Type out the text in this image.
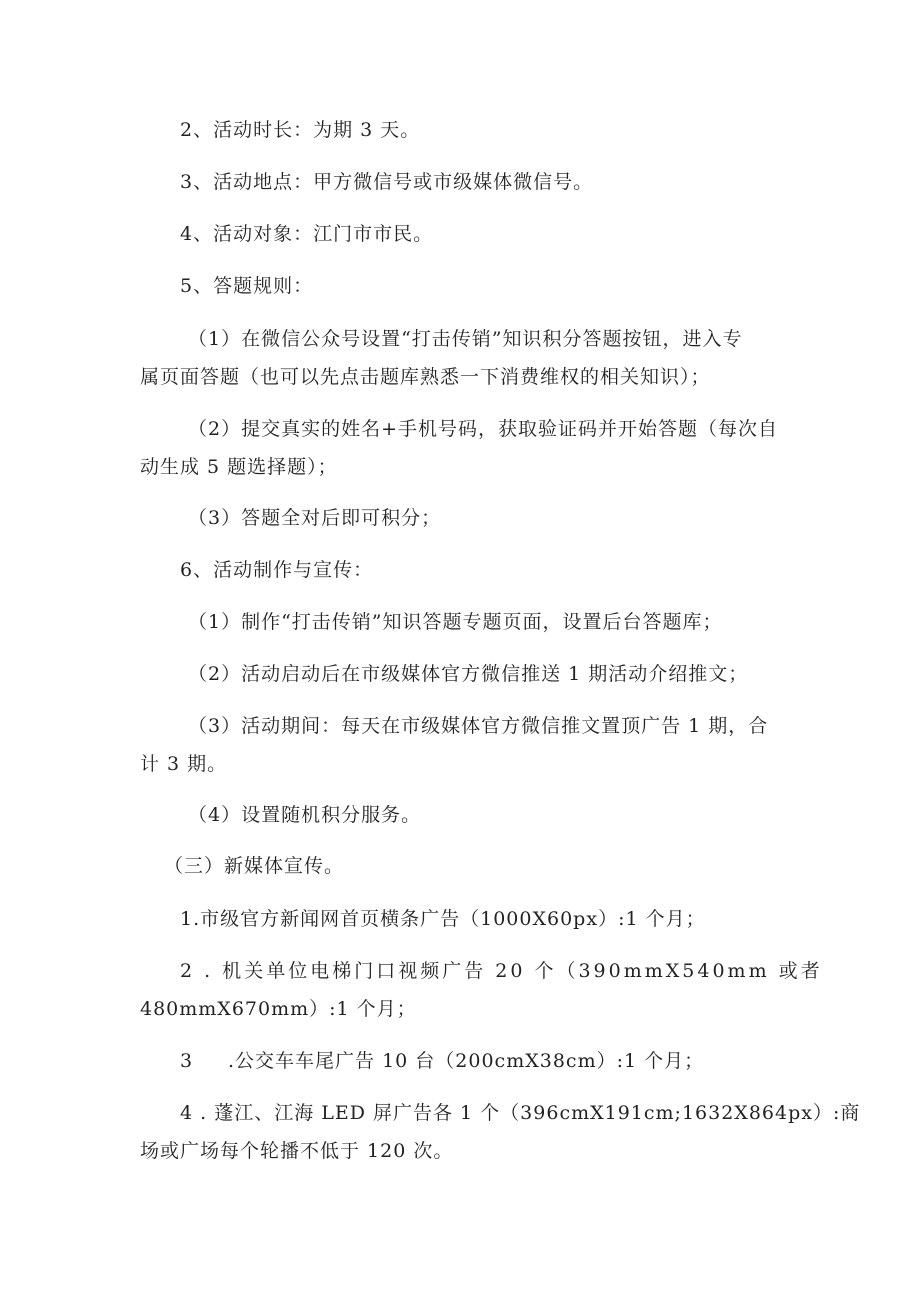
2、活动时长：为期 3 天。

3、活动地点：甲方微信号或市级媒体微信号。

4、活动对象：江门市市民。

5、答题规则：

（1）在微信公众号设置“打击传销”知识积分答题按钮，进入专

属页面答题（也可以先点击题库熟悉一下消费维权的相关知识）；

（2）提交真实的姓名+手机号码，获取验证码并开始答题（每次自

动生成 5 题选择题）；

（3）答题全对后即可积分；

6、活动制作与宣传：

（1）制作“打击传销”知识答题专题页面，设置后台答题库；

（2）活动启动后在市级媒体官方微信推送 1 期活动介绍推文；

（3）活动期间：每天在市级媒体官方微信推文置顶广告 1 期，合

计 3 期。

（4）设置随机积分服务。

（三）新媒体宣传。

1.市级官方新闻网首页横条广告（1000X60px）:1 个月；

2 . 机关单位电梯门口视频广告 20 个（390mmX540mm 或者

480mmX670mm）:1 个月；

3 .公交车车尾广告 10 台（200cmX38cm）:1 个月；

4 . 蓬江、江海 LED 屏广告各 1 个（396cmX191cm;1632X864px）:商

场或广场每个轮播不低于 120 次。
